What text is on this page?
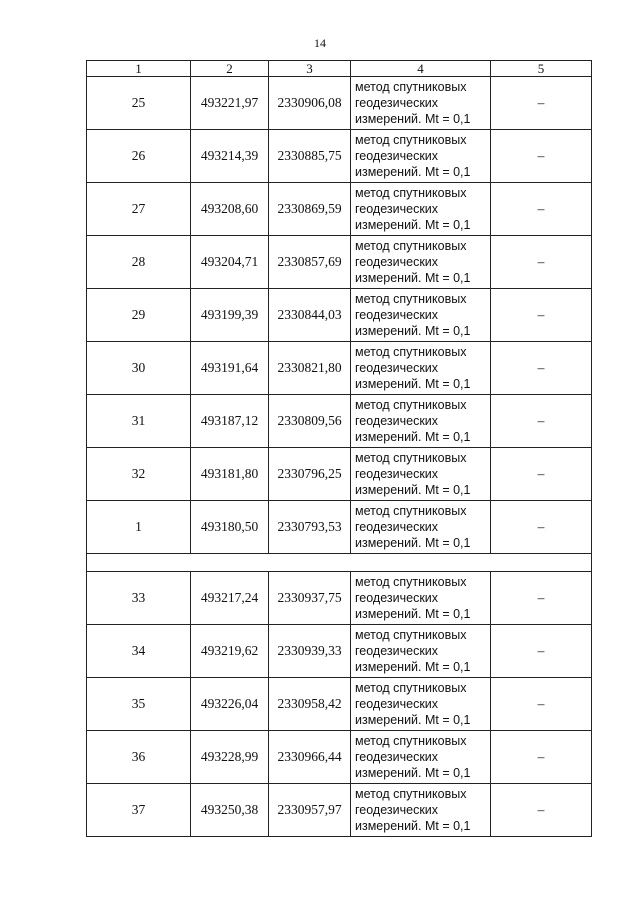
14
1	2	3	4	5
25	493221,97	2330906,08	метод спутниковых
геодезических
измерений. Mt = 0,1	–
26	493214,39	2330885,75	метод спутниковых
геодезических
измерений. Mt = 0,1	–
27	493208,60	2330869,59	метод спутниковых
геодезических
измерений. Mt = 0,1	–
28	493204,71	2330857,69	метод спутниковых
геодезических
измерений. Mt = 0,1	–
29	493199,39	2330844,03	метод спутниковых
геодезических
измерений. Mt = 0,1	–
30	493191,64	2330821,80	метод спутниковых
геодезических
измерений. Mt = 0,1	–
31	493187,12	2330809,56	метод спутниковых
геодезических
измерений. Mt = 0,1	–
32	493181,80	2330796,25	метод спутниковых
геодезических
измерений. Mt = 0,1	–
1	493180,50	2330793,53	метод спутниковых
геодезических
измерений. Mt = 0,1	–

33	493217,24	2330937,75	метод спутниковых
геодезических
измерений. Mt = 0,1	–
34	493219,62	2330939,33	метод спутниковых
геодезических
измерений. Mt = 0,1	–
35	493226,04	2330958,42	метод спутниковых
геодезических
измерений. Mt = 0,1	–
36	493228,99	2330966,44	метод спутниковых
геодезических
измерений. Mt = 0,1	–
37	493250,38	2330957,97	метод спутниковых
геодезических
измерений. Mt = 0,1	–
